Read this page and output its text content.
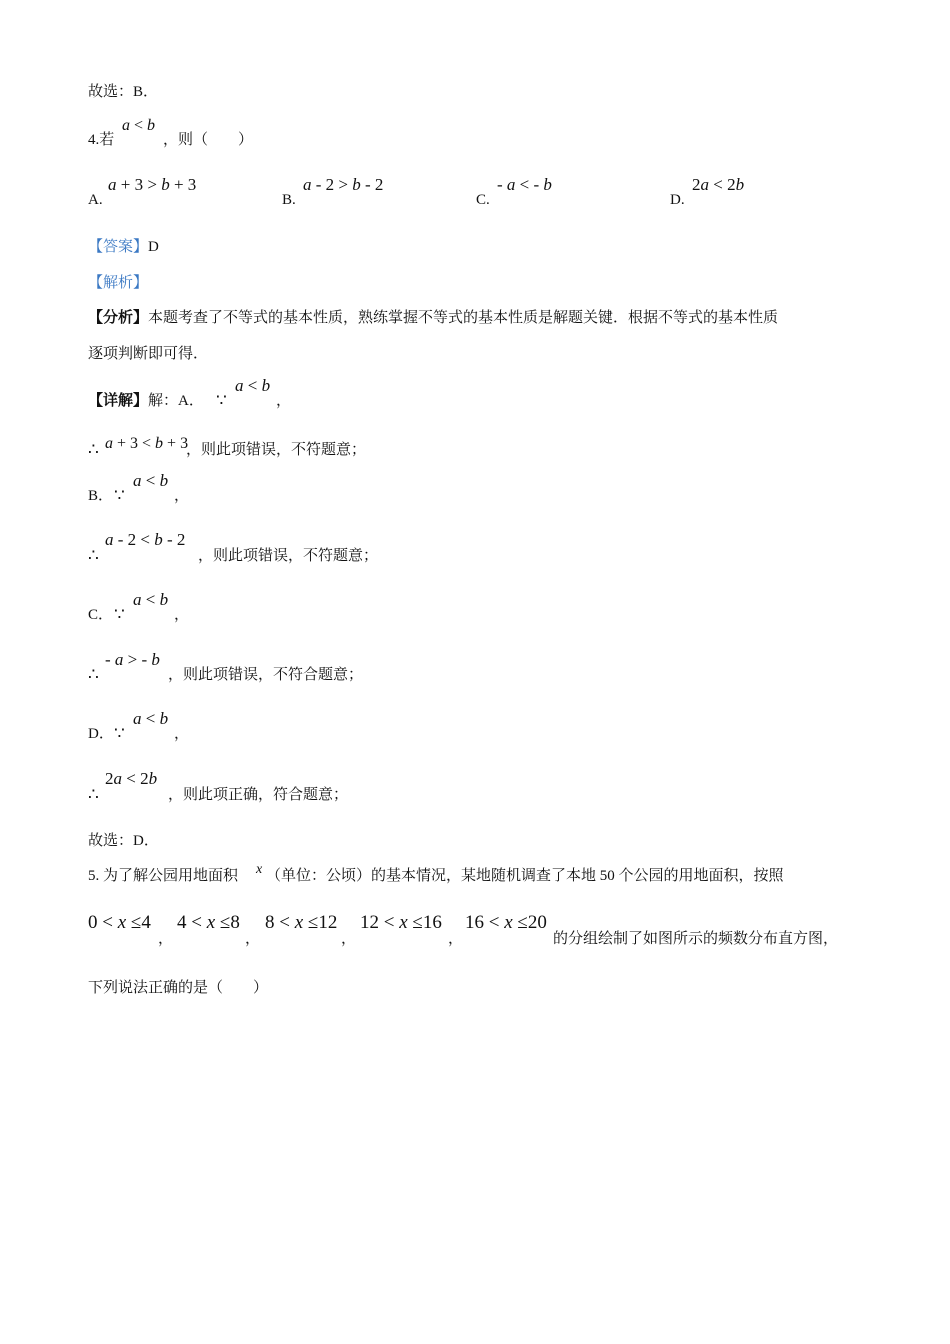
故选：B．
4.若
a < b
，则（　　）
A.
a + 3 > b + 3
B.
a - 2 > b - 2
C.
- a < - b
D.
2a < 2b
【答案】D
【解析】
【分析】本题考查了不等式的基本性质，熟练掌握不等式的基本性质是解题关键．根据不等式的基本性质
逐项判断即可得．
【详解】解：A． ∵
a < b
，
∴ a + 3 < b + 3
，则此项错误，不符题意；
B． ∵
a < b
，
∴
a - 2 < b - 2
，则此项错误，不符题意；
C． ∵
a < b
，
∴
- a > - b
，则此项错误，不符合题意；
D． ∵
a < b
，
∴
2a < 2b
，则此项正确，符合题意；
故选：D．
5. 为了解公园用地面积 x （单位：公顷）的基本情况，某地随机调查了本地 50 个公园的用地面积，按照
0 < x ≤4
，
4 < x ≤8
，
8 < x ≤12
，
12 < x ≤16
，
16 < x ≤20
的分组绘制了如图所示的频数分布直方图，
下列说法正确的是（　　）
